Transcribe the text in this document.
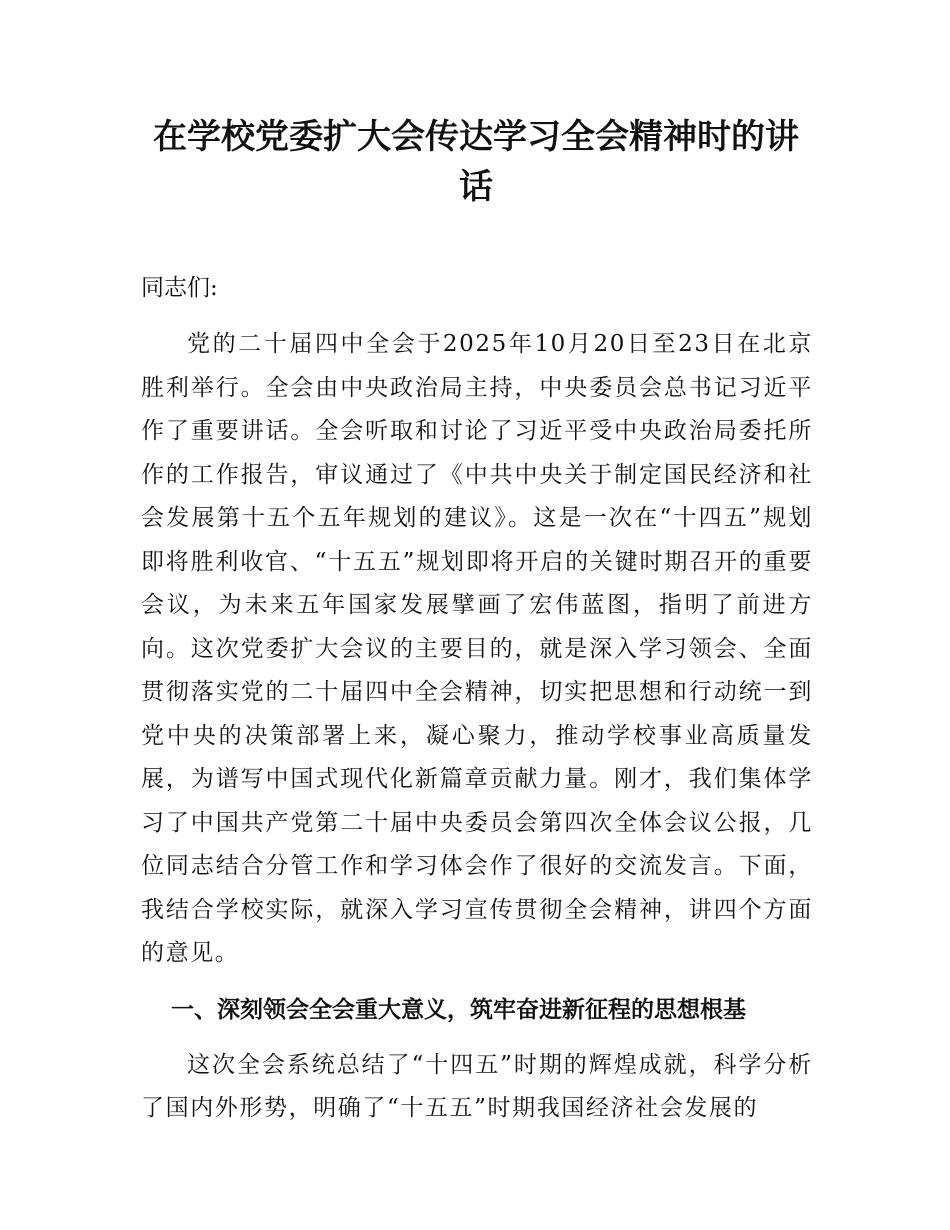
在学校党委扩大会传达学习全会精神时的讲话

同志们:

党的二十届四中全会于2025年10月20日至23日在北京胜利举行。全会由中央政治局主持，中央委员会总书记习近平作了重要讲话。全会听取和讨论了习近平受中央政治局委托所作的工作报告，审议通过了《中共中央关于制定国民经济和社会发展第十五个五年规划的建议》。这是一次在“十四五”规划即将胜利收官、“十五五”规划即将开启的关键时期召开的重要会议，为未来五年国家发展擘画了宏伟蓝图，指明了前进方向。这次党委扩大会议的主要目的，就是深入学习领会、全面贯彻落实党的二十届四中全会精神，切实把思想和行动统一到党中央的决策部署上来，凝心聚力，推动学校事业高质量发展，为谱写中国式现代化新篇章贡献力量。刚才，我们集体学习了中国共产党第二十届中央委员会第四次全体会议公报，几位同志结合分管工作和学习体会作了很好的交流发言。下面，我结合学校实际，就深入学习宣传贯彻全会精神，讲四个方面的意见。

一、深刻领会全会重大意义，筑牢奋进新征程的思想根基

这次全会系统总结了“十四五”时期的辉煌成就，科学分析了国内外形势，明确了“十五五”时期我国经济社会发展的
